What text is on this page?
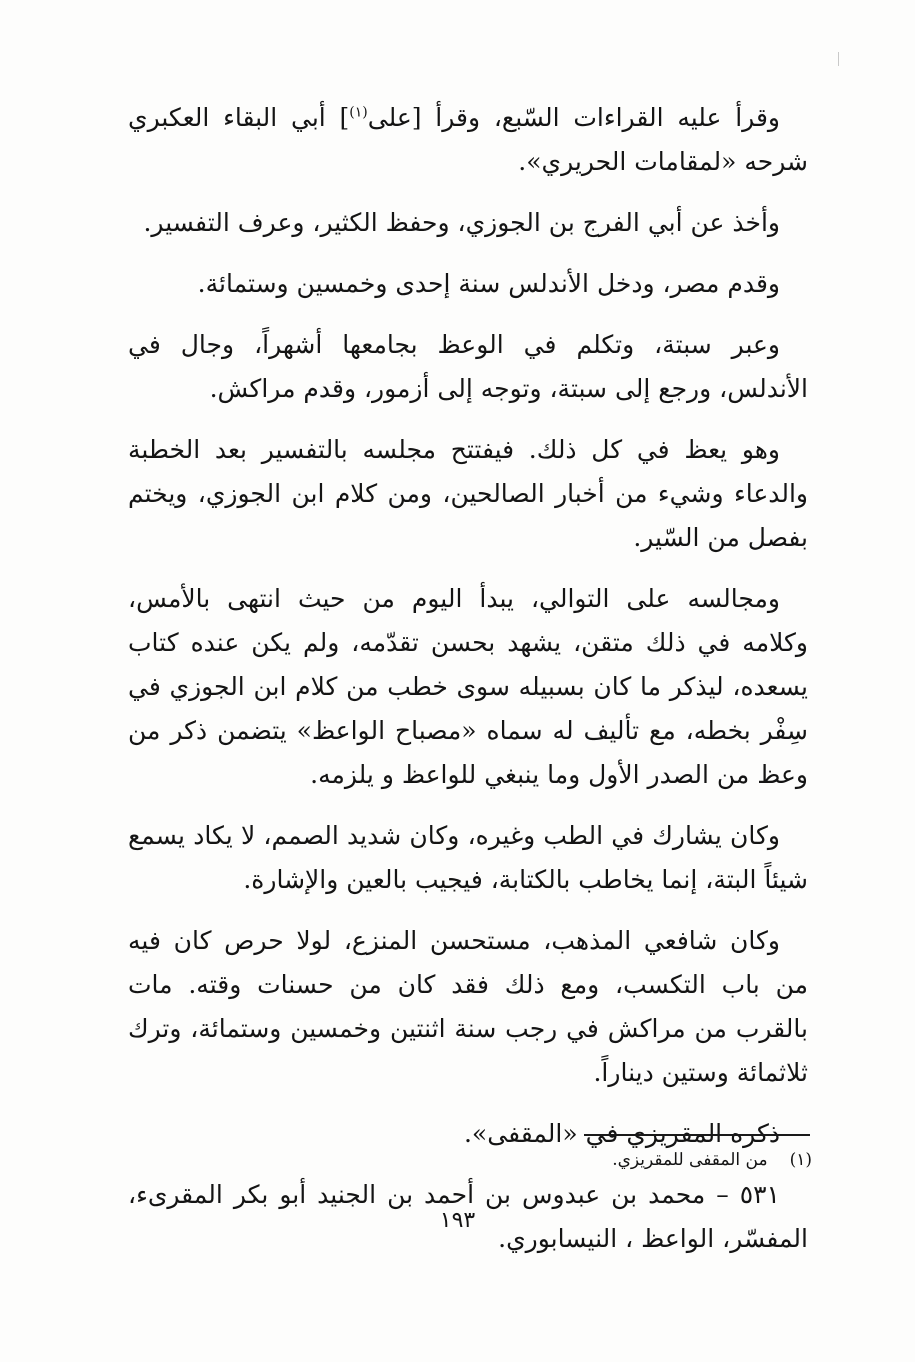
وقرأ عليه القراءات السّبع، وقرأ [على$^{(١)}$] أبي البقاء العكبري شرحه «لمقامات الحريري».

وأخذ عن أبي الفرج بن الجوزي، وحفظ الكثير، وعرف التفسير.

وقدم مصر، ودخل الأندلس سنة إحدى وخمسين وستمائة.

وعبر سبتة، وتكلم في الوعظ بجامعها أشهراً، وجال في الأندلس، ورجع إلى سبتة، وتوجه إلى أزمور، وقدم مراكش.

وهو يعظ في كل ذلك. فيفتتح مجلسه بالتفسير بعد الخطبة والدعاء وشيء من أخبار الصالحين، ومن كلام ابن الجوزي، ويختم بفصل من السّير.

ومجالسه على التوالي، يبدأ اليوم من حيث انتهى بالأمس، وكلامه في ذلك متقن، يشهد بحسن تقدّمه، ولم يكن عنده كتاب يسعده، ليذكر ما كان بسبيله سوى خطب من كلام ابن الجوزي في سِفْر بخطه، مع تأليف له سماه «مصباح الواعظ» يتضمن ذكر من وعظ من الصدر الأول وما ينبغي للواعظ و يلزمه.

وكان يشارك في الطب وغيره، وكان شديد الصمم، لا يكاد يسمع شيئاً البتة، إنما يخاطب بالكتابة، فيجيب بالعين والإشارة.

وكان شافعي المذهب، مستحسن المنزع، لولا حرص كان فيه من باب التكسب، ومع ذلك فقد كان من حسنات وقته. مات بالقرب من مراكش في رجب سنة اثنتين وخمسين وستمائة، وترك ثلاثمائة وستين ديناراً.

ذكره المقريزي في «المقفى».

٥٣١ – محمد بن عبدوس بن أحمد بن الجنيد أبو بكر المقرىء، المفسّر، الواعظ ، النيسابوري.

(١)من المقفى للمقريزي.
١٩٣
